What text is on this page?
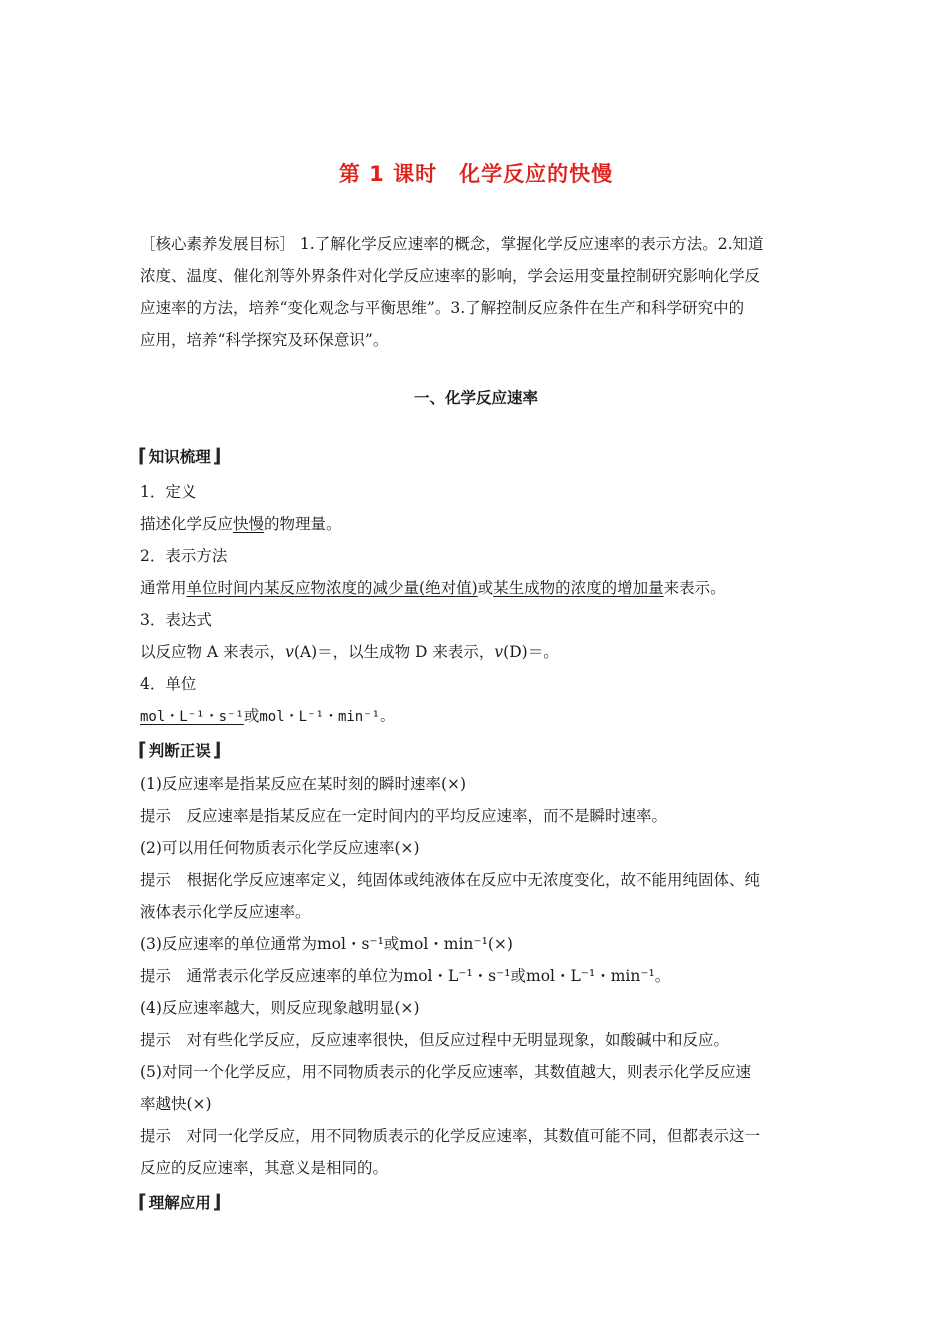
第 1 课时　化学反应的快慢
［核心素养发展目标］ 1.了解化学反应速率的概念，掌握化学反应速率的表示方法。2.知道
浓度、温度、催化剂等外界条件对化学反应速率的影响，学会运用变量控制研究影响化学反
应速率的方法，培养“变化观念与平衡思维”。3.了解控制反应条件在生产和科学研究中的
应用，培养“科学探究及环保意识”。
一、化学反应速率
⌈ 知识梳理 ⌋
1．定义
描述化学反应快慢的物理量。
2．表示方法
通常用单位时间内某反应物浓度的减少量(绝对值)或某生成物的浓度的增加量来表示。
3．表达式
以反应物 A 来表示，v(A)＝，以生成物 D 来表示，v(D)＝。
4．单位
mol・L⁻¹・s⁻¹或mol・L⁻¹・min⁻¹。
⌈ 判断正误 ⌋
(1)反应速率是指某反应在某时刻的瞬时速率(×)
提示　反应速率是指某反应在一定时间内的平均反应速率，而不是瞬时速率。
(2)可以用任何物质表示化学反应速率(×)
提示　根据化学反应速率定义，纯固体或纯液体在反应中无浓度变化，故不能用纯固体、纯
液体表示化学反应速率。
(3)反应速率的单位通常为mol・s⁻¹或mol・min⁻¹(×)
提示　通常表示化学反应速率的单位为mol・L⁻¹・s⁻¹或mol・L⁻¹・min⁻¹。
(4)反应速率越大，则反应现象越明显(×)
提示　对有些化学反应，反应速率很快，但反应过程中无明显现象，如酸碱中和反应。
(5)对同一个化学反应，用不同物质表示的化学反应速率，其数值越大，则表示化学反应速
率越快(×)
提示　对同一化学反应，用不同物质表示的化学反应速率，其数值可能不同，但都表示这一
反应的反应速率，其意义是相同的。
⌈ 理解应用 ⌋
